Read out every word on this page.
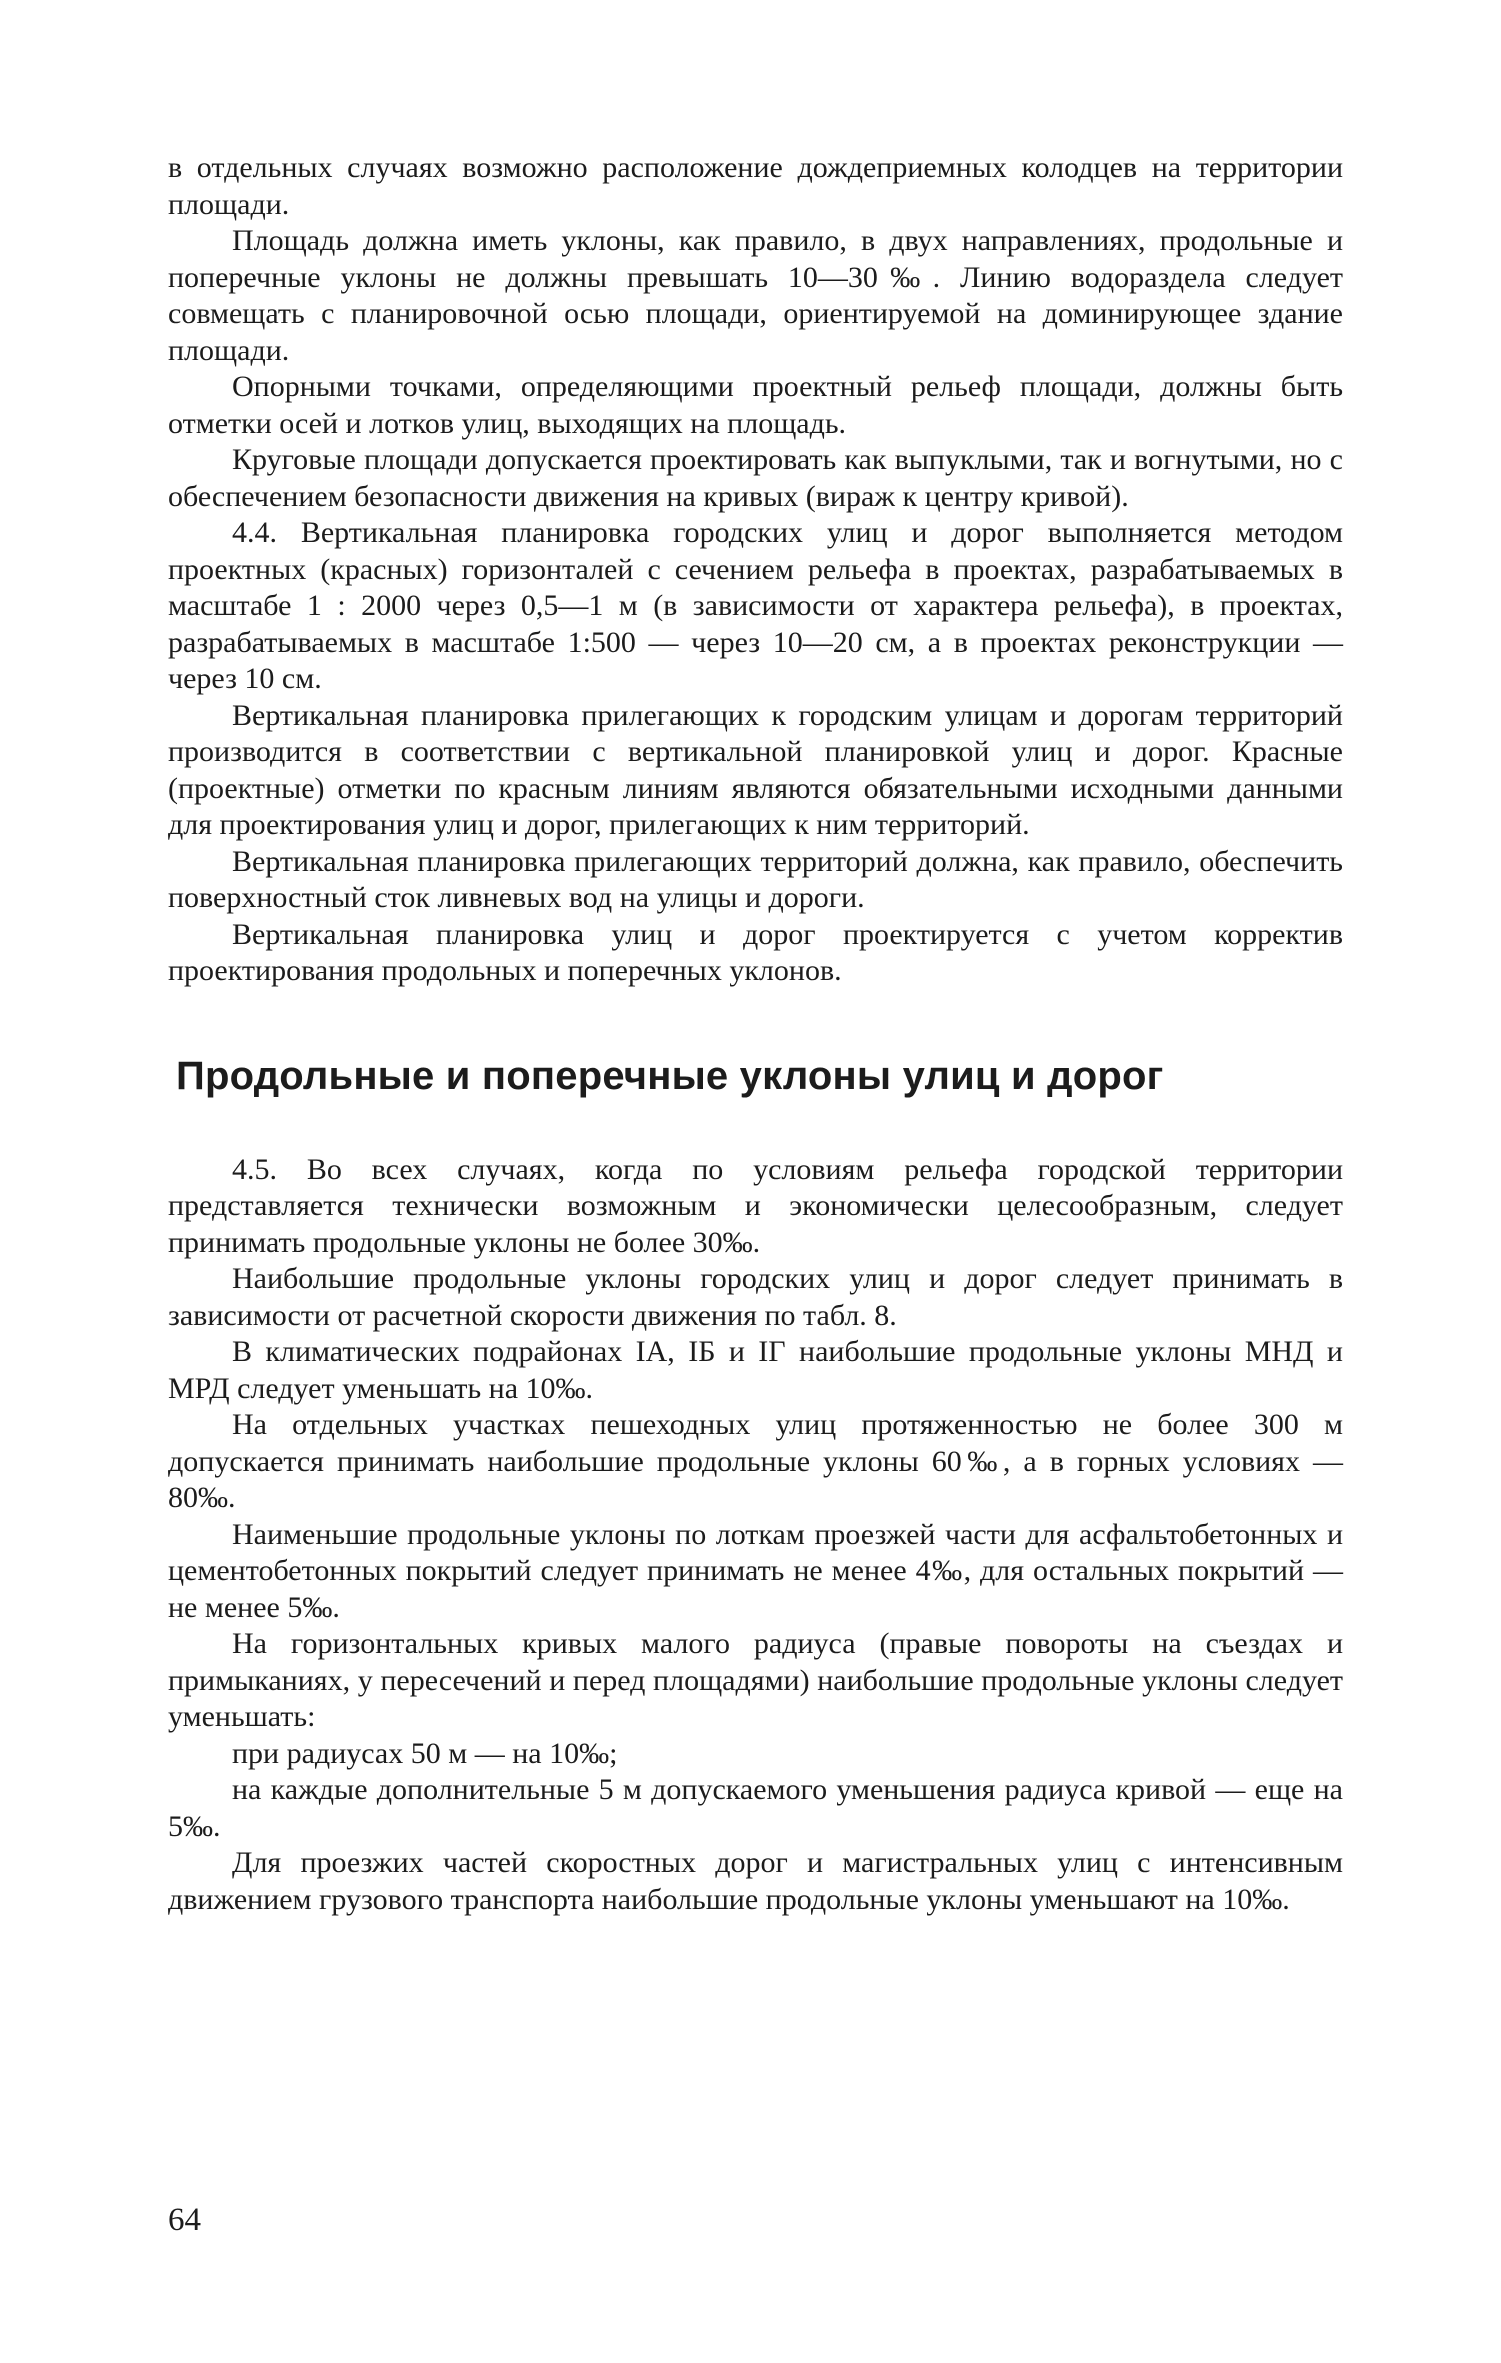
в отдельных случаях возможно расположение дождеприемных колодцев на территории площади.

Площадь должна иметь уклоны, как правило, в двух направлениях, продольные и поперечные уклоны не должны превышать 10—30‰. Линию водораздела следует совмещать с планировочной осью площади, ориентируемой на доминирующее здание площади.

Опорными точками, определяющими проектный рельеф площади, должны быть отметки осей и лотков улиц, выходящих на площадь.

Круговые площади допускается проектировать как выпуклыми, так и вогнутыми, но с обеспечением безопасности движения на кривых (вираж к центру кривой).

4.4. Вертикальная планировка городских улиц и дорог выполняется методом проектных (красных) горизонталей с сечением рельефа в проектах, разрабатываемых в масштабе 1 : 2000 через 0,5—1 м (в зависимости от характера рельефа), в проектах, разрабатываемых в масштабе 1:500 — через 10—20 см, а в проектах реконструкции — через 10 см.

Вертикальная планировка прилегающих к городским улицам и дорогам территорий производится в соответствии с вертикальной планировкой улиц и дорог. Красные (проектные) отметки по красным линиям являются обязательными исходными данными для проектирования улиц и дорог, прилегающих к ним территорий.

Вертикальная планировка прилегающих территорий должна, как правило, обеспечить поверхностный сток ливневых вод на улицы и дороги.

Вертикальная планировка улиц и дорог проектируется с учетом корректив проектирования продольных и поперечных уклонов.

Продольные и поперечные уклоны улиц и дорог

4.5. Во всех случаях, когда по условиям рельефа городской территории представляется технически возможным и экономически целесообразным, следует принимать продольные уклоны не более 30‰.

Наибольшие продольные уклоны городских улиц и дорог следует принимать в зависимости от расчетной скорости движения по табл. 8.

В климатических подрайонах IА, IБ и IГ наибольшие продольные уклоны МНД и МРД следует уменьшать на 10‰.

На отдельных участках пешеходных улиц протяженностью не более 300 м допускается принимать наибольшие продольные уклоны 60‰, а в горных условиях — 80‰.

Наименьшие продольные уклоны по лоткам проезжей части для асфальтобетонных и цементобетонных покрытий следует принимать не менее 4‰, для остальных покрытий — не менее 5‰.

На горизонтальных кривых малого радиуса (правые повороты на съездах и примыканиях, у пересечений и перед площадями) наибольшие продольные уклоны следует уменьшать:

при радиусах 50 м — на 10‰;

на каждые дополнительные 5 м допускаемого уменьшения радиуса кривой — еще на 5‰.

Для проезжих частей скоростных дорог и магистральных улиц с интенсивным движением грузового транспорта наибольшие продольные уклоны уменьшают на 10‰.

64
